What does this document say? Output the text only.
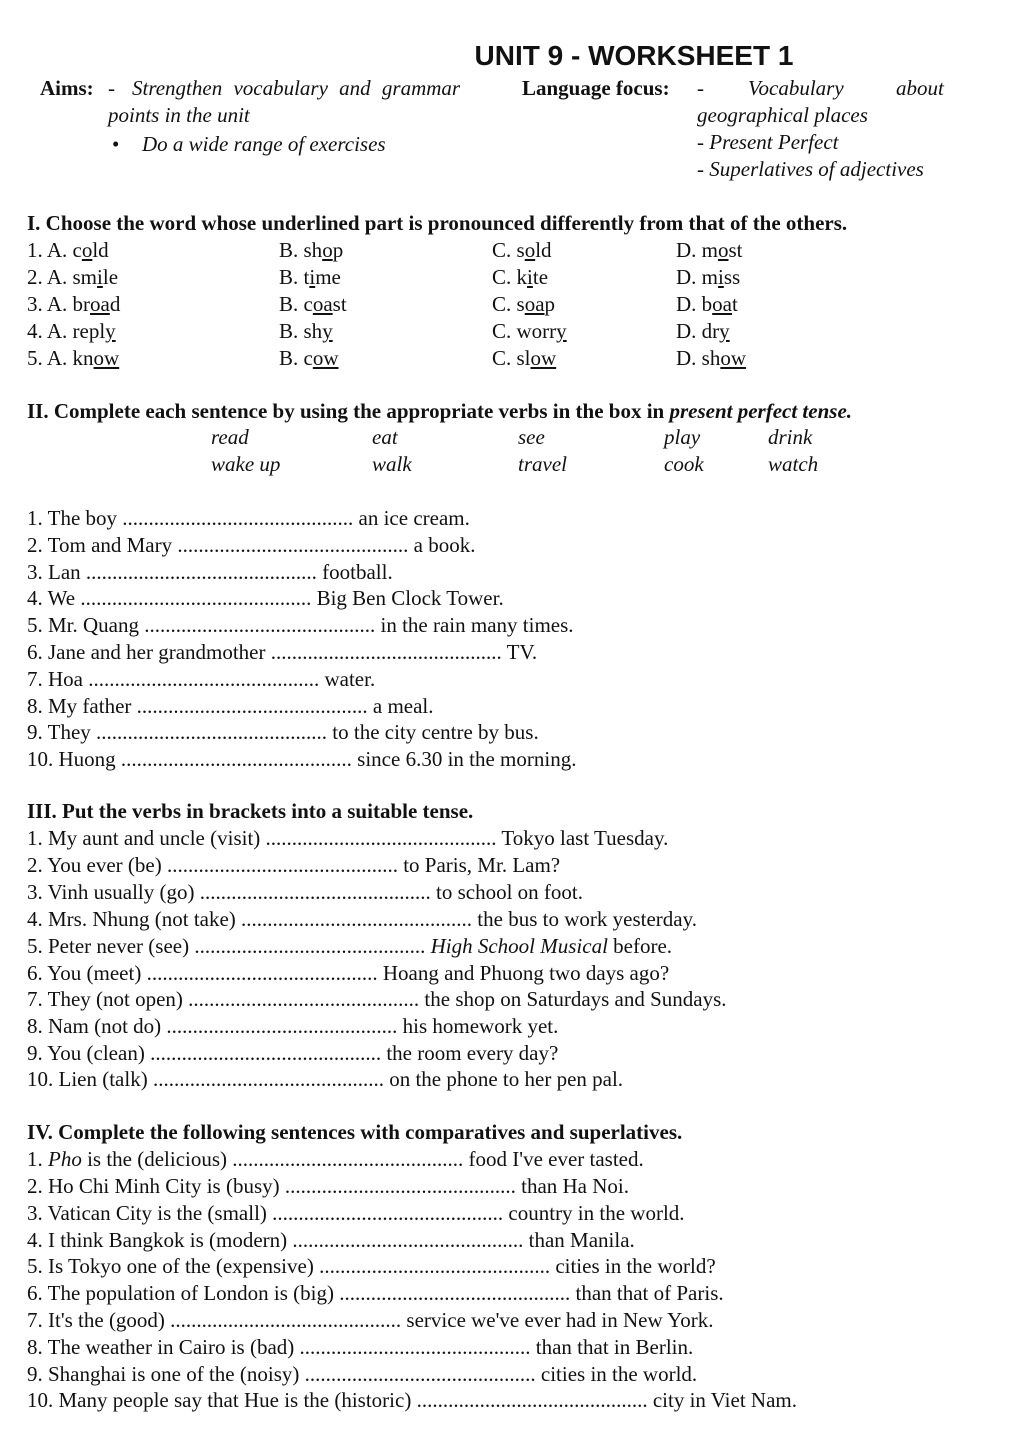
UNIT 9 - WORKSHEET 1
Aims: - Strengthen vocabulary and grammar
points in the unit
• Do a wide range of exercises
Language focus: - Vocabulary about
geographical places
- Present Perfect
- Superlatives of adjectives
I. Choose the word whose underlined part is pronounced differently from that of the others.
1. A. cold	B. shop	C. sold	D. most
2. A. smile	B. time	C. kite	D. miss
3. A. broad	B. coast	C. soap	D. boat
4. A. reply	B. shy	C. worry	D. dry
5. A. know	B. cow	C. slow	D. show
II. Complete each sentence by using the appropriate verbs in the box in present perfect tense.
read	eat	see	play	drink
wake up	walk	travel	cook	watch
1. The boy ............................................ an ice cream.
2. Tom and Mary ............................................ a book.
3. Lan ............................................ football.
4. We ............................................ Big Ben Clock Tower.
5. Mr. Quang ............................................ in the rain many times.
6. Jane and her grandmother ............................................ TV.
7. Hoa ............................................ water.
8. My father ............................................ a meal.
9. They ............................................ to the city centre by bus.
10. Huong ............................................ since 6.30 in the morning.
III. Put the verbs in brackets into a suitable tense.
1. My aunt and uncle (visit) ............................................ Tokyo last Tuesday.
2. You ever (be) ............................................ to Paris, Mr. Lam?
3. Vinh usually (go) ............................................ to school on foot.
4. Mrs. Nhung (not take) ............................................ the bus to work yesterday.
6. You (meet) ............................................ Hoang and Phuong two days ago?
7. They (not open) ............................................ the shop on Saturdays and Sundays.
8. Nam (not do) ............................................ his homework yet.
9. You (clean) ............................................ the room every day?
10. Lien (talk) ............................................ on the phone to her pen pal.
5. Peter never (see) ............................................ High School Musical before.
IV. Complete the following sentences with comparatives and superlatives.
1. Pho is the (delicious) ............................................ food I've ever tasted.
2. Ho Chi Minh City is (busy) ............................................ than Ha Noi.
3. Vatican City is the (small) ............................................ country in the world.
4. I think Bangkok is (modern) ............................................ than Manila.
5. Is Tokyo one of the (expensive) ............................................ cities in the world?
6. The population of London is (big) ............................................ than that of Paris.
7. It's the (good) ............................................ service we've ever had in New York.
8. The weather in Cairo is (bad) ............................................ than that in Berlin.
9. Shanghai is one of the (noisy) ............................................ cities in the world.
10. Many people say that Hue is the (historic) ............................................ city in Viet Nam.
